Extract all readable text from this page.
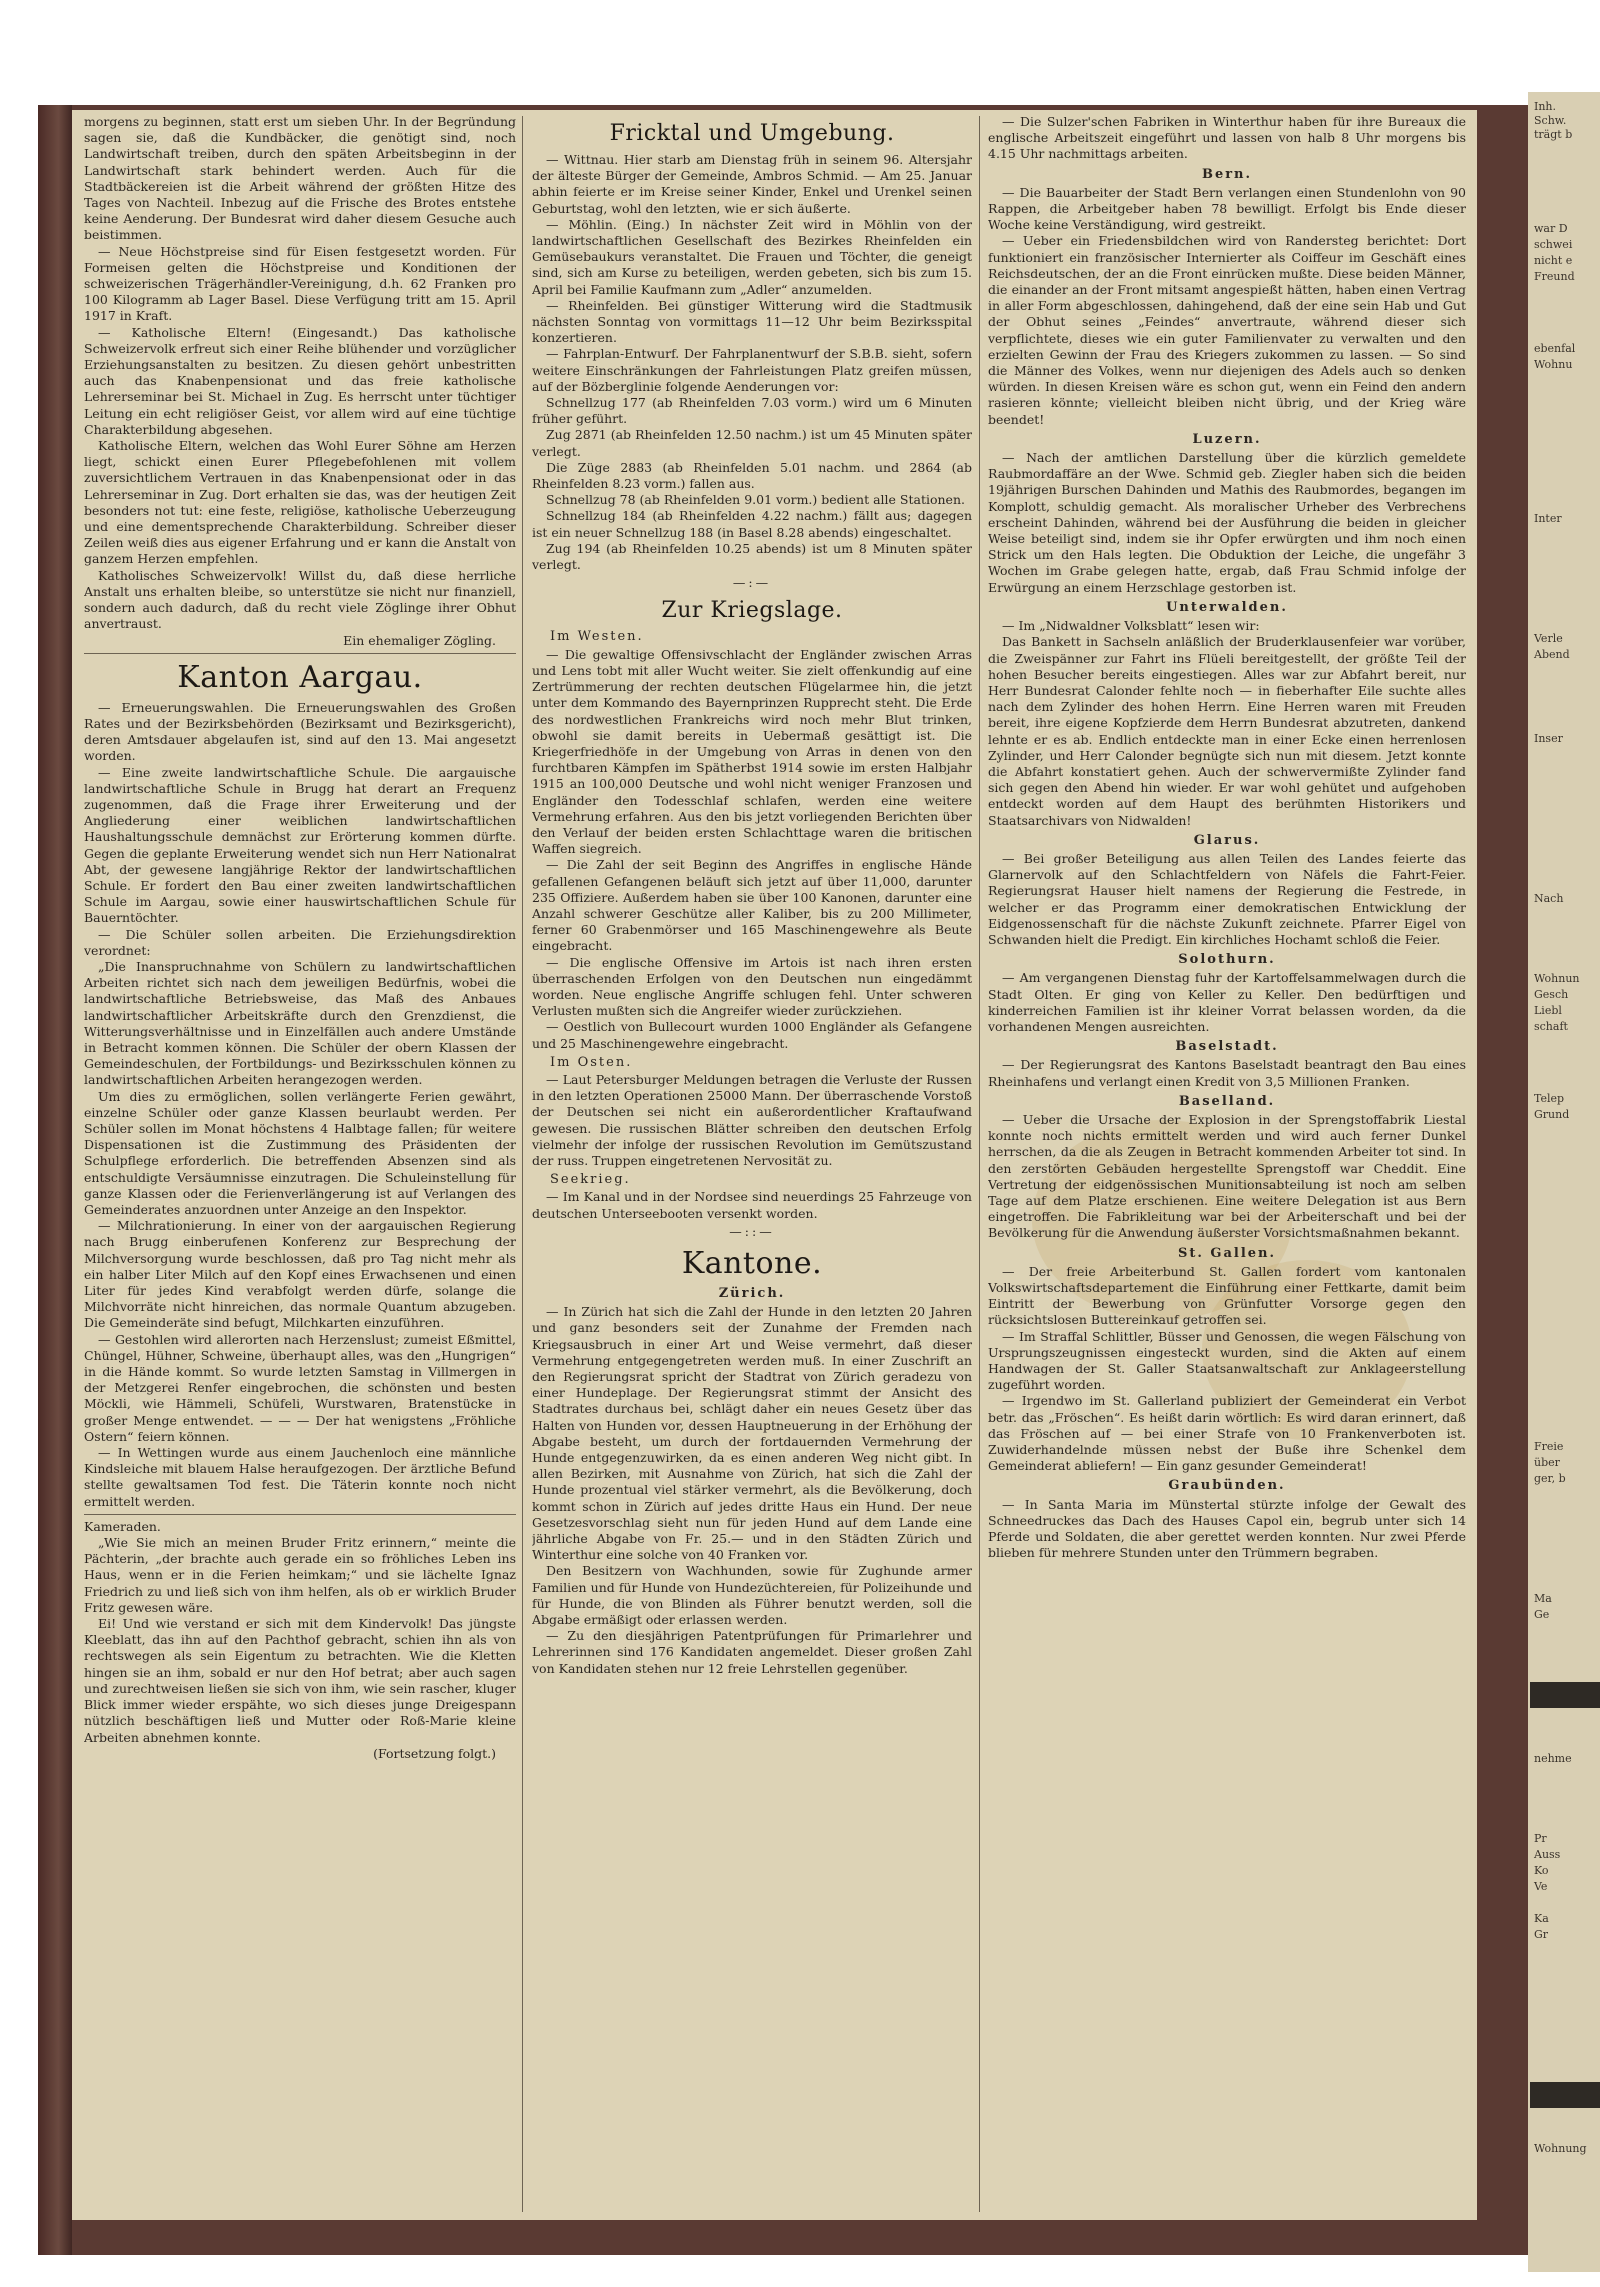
Inh.
Schw.
trägt b
war D
schwei
nicht e
Freund
ebenfal
Wohnu
Inter
Verle
Abend
Inser
Nach
Wohnun
Gesch
Liebl
schaft
Telep
Grund
Freie
über
ger, b
Ma
Ge
nehme
Pr
Auss
Ko
Ve
Ka
Gr
Wohnung

morgens zu beginnen, statt erst um sieben Uhr. In der Begründung sagen sie, daß die Kundbäcker, die genötigt sind, noch Landwirtschaft treiben, durch den späten Arbeitsbeginn in der Landwirtschaft stark behindert werden. Auch für die Stadtbäckereien ist die Arbeit während der größten Hitze des Tages von Nachteil. Inbezug auf die Frische des Brotes entstehe keine Aenderung. Der Bundesrat wird daher diesem Gesuche auch beistimmen.

— Neue Höchstpreise sind für Eisen festgesetzt worden. Für Formeisen gelten die Höchstpreise und Konditionen der schweizerischen Trägerhändler-Vereinigung, d.h. 62 Franken pro 100 Kilogramm ab Lager Basel. Diese Verfügung tritt am 15. April 1917 in Kraft.

— Katholische Eltern! (Eingesandt.) Das katholische Schweizervolk erfreut sich einer Reihe blühender und vorzüglicher Erziehungsanstalten zu besitzen. Zu diesen gehört unbestritten auch das Knabenpensionat und das freie katholische Lehrerseminar bei St. Michael in Zug. Es herrscht unter tüchtiger Leitung ein echt religiöser Geist, vor allem wird auf eine tüchtige Charakterbildung abgesehen.

Katholische Eltern, welchen das Wohl Eurer Söhne am Herzen liegt, schickt einen Eurer Pflegebefohlenen mit vollem zuversichtlichem Vertrauen in das Knabenpensionat oder in das Lehrerseminar in Zug. Dort erhalten sie das, was der heutigen Zeit besonders not tut: eine feste, religiöse, katholische Ueberzeugung und eine dementsprechende Charakterbildung. Schreiber dieser Zeilen weiß dies aus eigener Erfahrung und er kann die Anstalt von ganzem Herzen empfehlen.

Katholisches Schweizervolk! Willst du, daß diese herrliche Anstalt uns erhalten bleibe, so unterstütze sie nicht nur finanziell, sondern auch dadurch, daß du recht viele Zöglinge ihrer Obhut anvertraust.

Ein ehemaliger Zögling.
Kanton Aargau.

— Erneuerungswahlen. Die Erneuerungswahlen des Großen Rates und der Bezirksbehörden (Bezirksamt und Bezirksgericht), deren Amtsdauer abgelaufen ist, sind auf den 13. Mai angesetzt worden.

— Eine zweite landwirtschaftliche Schule. Die aargauische landwirtschaftliche Schule in Brugg hat derart an Frequenz zugenommen, daß die Frage ihrer Erweiterung und der Angliederung einer weiblichen landwirtschaftlichen Haushaltungsschule demnächst zur Erörterung kommen dürfte. Gegen die geplante Erweiterung wendet sich nun Herr Nationalrat Abt, der gewesene langjährige Rektor der landwirtschaftlichen Schule. Er fordert den Bau einer zweiten landwirtschaftlichen Schule im Aargau, sowie einer hauswirtschaftlichen Schule für Bauerntöchter.

— Die Schüler sollen arbeiten. Die Erziehungsdirektion verordnet:

„Die Inanspruchnahme von Schülern zu landwirtschaftlichen Arbeiten richtet sich nach dem jeweiligen Bedürfnis, wobei die landwirtschaftliche Betriebsweise, das Maß des Anbaues landwirtschaftlicher Arbeitskräfte durch den Grenzdienst, die Witterungsverhältnisse und in Einzelfällen auch andere Umstände in Betracht kommen können. Die Schüler der obern Klassen der Gemeindeschulen, der Fortbildungs- und Bezirksschulen können zu landwirtschaftlichen Arbeiten herangezogen werden.

Um dies zu ermöglichen, sollen verlängerte Ferien gewährt, einzelne Schüler oder ganze Klassen beurlaubt werden. Per Schüler sollen im Monat höchstens 4 Halbtage fallen; für weitere Dispensationen ist die Zustimmung des Präsidenten der Schulpflege erforderlich. Die betreffenden Absenzen sind als entschuldigte Versäumnisse einzutragen. Die Schuleinstellung für ganze Klassen oder die Ferienverlängerung ist auf Verlangen des Gemeinderates anzuordnen unter Anzeige an den Inspektor.

— Milchrationierung. In einer von der aargauischen Regierung nach Brugg einberufenen Konferenz zur Besprechung der Milchversorgung wurde beschlossen, daß pro Tag nicht mehr als ein halber Liter Milch auf den Kopf eines Erwachsenen und einen Liter für jedes Kind verabfolgt werden dürfe, solange die Milchvorräte nicht hinreichen, das normale Quantum abzugeben. Die Gemeinderäte sind befugt, Milchkarten einzuführen.

— Gestohlen wird allerorten nach Herzenslust; zumeist Eßmittel, Chüngel, Hühner, Schweine, überhaupt alles, was den „Hungrigen“ in die Hände kommt. So wurde letzten Samstag in Villmergen in der Metzgerei Renfer eingebrochen, die schönsten und besten Möckli, wie Hämmeli, Schüfeli, Wurstwaren, Bratenstücke in großer Menge entwendet. — — — Der hat wenigstens „Fröhliche Ostern“ feiern können.

— In Wettingen wurde aus einem Jauchenloch eine männliche Kindsleiche mit blauem Halse heraufgezogen. Der ärztliche Befund stellte gewaltsamen Tod fest. Die Täterin konnte noch nicht ermittelt werden.

Kameraden.

„Wie Sie mich an meinen Bruder Fritz erinnern,“ meinte die Pächterin, „der brachte auch gerade ein so fröhliches Leben ins Haus, wenn er in die Ferien heimkam;“ und sie lächelte Ignaz Friedrich zu und ließ sich von ihm helfen, als ob er wirklich Bruder Fritz gewesen wäre.

Ei! Und wie verstand er sich mit dem Kindervolk! Das jüngste Kleeblatt, das ihn auf den Pachthof gebracht, schien ihn als von rechtswegen als sein Eigentum zu betrachten. Wie die Kletten hingen sie an ihm, sobald er nur den Hof betrat; aber auch sagen und zurechtweisen ließen sie sich von ihm, wie sein rascher, kluger Blick immer wieder erspähte, wo sich dieses junge Dreigespann nützlich beschäftigen ließ und Mutter oder Roß-Marie kleine Arbeiten abnehmen konnte.

(Fortsetzung folgt.)
Fricktal und Umgebung.

— Wittnau. Hier starb am Dienstag früh in seinem 96. Altersjahr der älteste Bürger der Gemeinde, Ambros Schmid. — Am 25. Januar abhin feierte er im Kreise seiner Kinder, Enkel und Urenkel seinen Geburtstag, wohl den letzten, wie er sich äußerte.

— Möhlin. (Eing.) In nächster Zeit wird in Möhlin von der landwirtschaftlichen Gesellschaft des Bezirkes Rheinfelden ein Gemüsebaukurs veranstaltet. Die Frauen und Töchter, die geneigt sind, sich am Kurse zu beteiligen, werden gebeten, sich bis zum 15. April bei Familie Kaufmann zum „Adler“ anzumelden.

— Rheinfelden. Bei günstiger Witterung wird die Stadtmusik nächsten Sonntag von vormittags 11—12 Uhr beim Bezirksspital konzertieren.

— Fahrplan-Entwurf. Der Fahrplanentwurf der S.B.B. sieht, sofern weitere Einschränkungen der Fahrleistungen Platz greifen müssen, auf der Bözberglinie folgende Aenderungen vor:

Schnellzug 177 (ab Rheinfelden 7.03 vorm.) wird um 6 Minuten früher geführt.

Zug 2871 (ab Rheinfelden 12.50 nachm.) ist um 45 Minuten später verlegt.

Die Züge 2883 (ab Rheinfelden 5.01 nachm. und 2864 (ab Rheinfelden 8.23 vorm.) fallen aus.

Schnellzug 78 (ab Rheinfelden 9.01 vorm.) bedient alle Stationen.

Schnellzug 184 (ab Rheinfelden 4.22 nachm.) fällt aus; dagegen ist ein neuer Schnellzug 188 (in Basel 8.28 abends) eingeschaltet.

Zug 194 (ab Rheinfelden 10.25 abends) ist um 8 Minuten später verlegt.

—:—
Zur Kriegslage.
Im Westen.

— Die gewaltige Offensivschlacht der Engländer zwischen Arras und Lens tobt mit aller Wucht weiter. Sie zielt offenkundig auf eine Zertrümmerung der rechten deutschen Flügelarmee hin, die jetzt unter dem Kommando des Bayernprinzen Rupprecht steht. Die Erde des nordwestlichen Frankreichs wird noch mehr Blut trinken, obwohl sie damit bereits in Uebermaß gesättigt ist. Die Kriegerfriedhöfe in der Umgebung von Arras in denen von den furchtbaren Kämpfen im Spätherbst 1914 sowie im ersten Halbjahr 1915 an 100,000 Deutsche und wohl nicht weniger Franzosen und Engländer den Todesschlaf schlafen, werden eine weitere Vermehrung erfahren. Aus den bis jetzt vorliegenden Berichten über den Verlauf der beiden ersten Schlachttage waren die britischen Waffen siegreich.

— Die Zahl der seit Beginn des Angriffes in englische Hände gefallenen Gefangenen beläuft sich jetzt auf über 11,000, darunter 235 Offiziere. Außerdem haben sie über 100 Kanonen, darunter eine Anzahl schwerer Geschütze aller Kaliber, bis zu 200 Millimeter, ferner 60 Grabenmörser und 165 Maschinengewehre als Beute eingebracht.

— Die englische Offensive im Artois ist nach ihren ersten überraschenden Erfolgen von den Deutschen nun eingedämmt worden. Neue englische Angriffe schlugen fehl. Unter schweren Verlusten mußten sich die Angreifer wieder zurückziehen.

— Oestlich von Bullecourt wurden 1000 Engländer als Gefangene und 25 Maschinengewehre eingebracht.

Im Osten.

— Laut Petersburger Meldungen betragen die Verluste der Russen in den letzten Operationen 25000 Mann. Der überraschende Vorstoß der Deutschen sei nicht ein außerordentlicher Kraftaufwand gewesen. Die russischen Blätter schreiben den deutschen Erfolg vielmehr der infolge der russischen Revolution im Gemütszustand der russ. Truppen eingetretenen Nervosität zu.

Seekrieg.

— Im Kanal und in der Nordsee sind neuerdings 25 Fahrzeuge von deutschen Unterseebooten versenkt worden.

—::—
Kantone.
Zürich.

— In Zürich hat sich die Zahl der Hunde in den letzten 20 Jahren und ganz besonders seit der Zunahme der Fremden nach Kriegsausbruch in einer Art und Weise vermehrt, daß dieser Vermehrung entgegengetreten werden muß. In einer Zuschrift an den Regierungsrat spricht der Stadtrat von Zürich geradezu von einer Hundeplage. Der Regierungsrat stimmt der Ansicht des Stadtrates durchaus bei, schlägt daher ein neues Gesetz über das Halten von Hunden vor, dessen Hauptneuerung in der Erhöhung der Abgabe besteht, um durch der fortdauernden Vermehrung der Hunde entgegenzuwirken, da es einen anderen Weg nicht gibt. In allen Bezirken, mit Ausnahme von Zürich, hat sich die Zahl der Hunde prozentual viel stärker vermehrt, als die Bevölkerung, doch kommt schon in Zürich auf jedes dritte Haus ein Hund. Der neue Gesetzesvorschlag sieht nun für jeden Hund auf dem Lande eine jährliche Abgabe von Fr. 25.— und in den Städten Zürich und Winterthur eine solche von 40 Franken vor.

Den Besitzern von Wachhunden, sowie für Zughunde armer Familien und für Hunde von Hundezüchtereien, für Polizeihunde und für Hunde, die von Blinden als Führer benutzt werden, soll die Abgabe ermäßigt oder erlassen werden.

— Zu den diesjährigen Patentprüfungen für Primarlehrer und Lehrerinnen sind 176 Kandidaten angemeldet. Dieser großen Zahl von Kandidaten stehen nur 12 freie Lehrstellen gegenüber.

— Die Sulzer'schen Fabriken in Winterthur haben für ihre Bureaux die englische Arbeitszeit eingeführt und lassen von halb 8 Uhr morgens bis 4.15 Uhr nachmittags arbeiten.

Bern.

— Die Bauarbeiter der Stadt Bern verlangen einen Stundenlohn von 90 Rappen, die Arbeitgeber haben 78 bewilligt. Erfolgt bis Ende dieser Woche keine Verständigung, wird gestreikt.

— Ueber ein Friedensbildchen wird von Randersteg berichtet: Dort funktioniert ein französischer Internierter als Coiffeur im Geschäft eines Reichsdeutschen, der an die Front einrücken mußte. Diese beiden Männer, die einander an der Front mitsamt angespießt hätten, haben einen Vertrag in aller Form abgeschlossen, dahingehend, daß der eine sein Hab und Gut der Obhut seines „Feindes“ anvertraute, während dieser sich verpflichtete, dieses wie ein guter Familienvater zu verwalten und den erzielten Gewinn der Frau des Kriegers zukommen zu lassen. — So sind die Männer des Volkes, wenn nur diejenigen des Adels auch so denken würden. In diesen Kreisen wäre es schon gut, wenn ein Feind den andern rasieren könnte; vielleicht bleiben nicht übrig, und der Krieg wäre beendet!

Luzern.

— Nach der amtlichen Darstellung über die kürzlich gemeldete Raubmordaffäre an der Wwe. Schmid geb. Ziegler haben sich die beiden 19jährigen Burschen Dahinden und Mathis des Raubmordes, begangen im Komplott, schuldig gemacht. Als moralischer Urheber des Verbrechens erscheint Dahinden, während bei der Ausführung die beiden in gleicher Weise beteiligt sind, indem sie ihr Opfer erwürgten und ihm noch einen Strick um den Hals legten. Die Obduktion der Leiche, die ungefähr 3 Wochen im Grabe gelegen hatte, ergab, daß Frau Schmid infolge der Erwürgung an einem Herzschlage gestorben ist.

Unterwalden.

— Im „Nidwaldner Volksblatt“ lesen wir:

Das Bankett in Sachseln anläßlich der Bruderklausenfeier war vorüber, die Zweispänner zur Fahrt ins Flüeli bereitgestellt, der größte Teil der hohen Besucher bereits eingestiegen. Alles war zur Abfahrt bereit, nur Herr Bundesrat Calonder fehlte noch — in fieberhafter Eile suchte alles nach dem Zylinder des hohen Herrn. Eine Herren waren mit Freuden bereit, ihre eigene Kopfzierde dem Herrn Bundesrat abzutreten, dankend lehnte er es ab. Endlich entdeckte man in einer Ecke einen herrenlosen Zylinder, und Herr Calonder begnügte sich nun mit diesem. Jetzt konnte die Abfahrt konstatiert gehen. Auch der schwervermißte Zylinder fand sich gegen den Abend hin wieder. Er war wohl gehütet und aufgehoben entdeckt worden auf dem Haupt des berühmten Historikers und Staatsarchivars von Nidwalden!

Glarus.

— Bei großer Beteiligung aus allen Teilen des Landes feierte das Glarnervolk auf den Schlachtfeldern von Näfels die Fahrt-Feier. Regierungsrat Hauser hielt namens der Regierung die Festrede, in welcher er das Programm einer demokratischen Entwicklung der Eidgenossenschaft für die nächste Zukunft zeichnete. Pfarrer Eigel von Schwanden hielt die Predigt. Ein kirchliches Hochamt schloß die Feier.

Solothurn.

— Am vergangenen Dienstag fuhr der Kartoffelsammelwagen durch die Stadt Olten. Er ging von Keller zu Keller. Den bedürftigen und kinderreichen Familien ist ihr kleiner Vorrat belassen worden, da die vorhandenen Mengen ausreichten.

Baselstadt.

— Der Regierungsrat des Kantons Baselstadt beantragt den Bau eines Rheinhafens und verlangt einen Kredit von 3,5 Millionen Franken.

Baselland.

— Ueber die Ursache der Explosion in der Sprengstoffabrik Liestal konnte noch nichts ermittelt werden und wird auch ferner Dunkel herrschen, da die als Zeugen in Betracht kommenden Arbeiter tot sind. In den zerstörten Gebäuden hergestellte Sprengstoff war Cheddit. Eine Vertretung der eidgenössischen Munitionsabteilung ist noch am selben Tage auf dem Platze erschienen. Eine weitere Delegation ist aus Bern eingetroffen. Die Fabrikleitung war bei der Arbeiterschaft und bei der Bevölkerung für die Anwendung äußerster Vorsichtsmaßnahmen bekannt.

St. Gallen.

— Der freie Arbeiterbund St. Gallen fordert vom kantonalen Volkswirtschaftsdepartement die Einführung einer Fettkarte, damit beim Eintritt der Bewerbung von Grünfutter Vorsorge gegen den rücksichtslosen Buttereinkauf getroffen sei.

— Im Straffal Schlittler, Büsser und Genossen, die wegen Fälschung von Ursprungszeugnissen eingesteckt wurden, sind die Akten auf einem Handwagen der St. Galler Staatsanwaltschaft zur Anklageerstellung zugeführt worden.

— Irgendwo im St. Gallerland publiziert der Gemeinderat ein Verbot betr. das „Fröschen“. Es heißt darin wörtlich: Es wird daran erinnert, daß das Fröschen auf — bei einer Strafe von 10 Frankenverboten ist. Zuwiderhandelnde müssen nebst der Buße ihre Schenkel dem Gemeinderat abliefern! — Ein ganz gesunder Gemeinderat!

Graubünden.

— In Santa Maria im Münstertal stürzte infolge der Gewalt des Schneedruckes das Dach des Hauses Capol ein, begrub unter sich 14 Pferde und Soldaten, die aber gerettet werden konnten. Nur zwei Pferde blieben für mehrere Stunden unter den Trümmern begraben.
